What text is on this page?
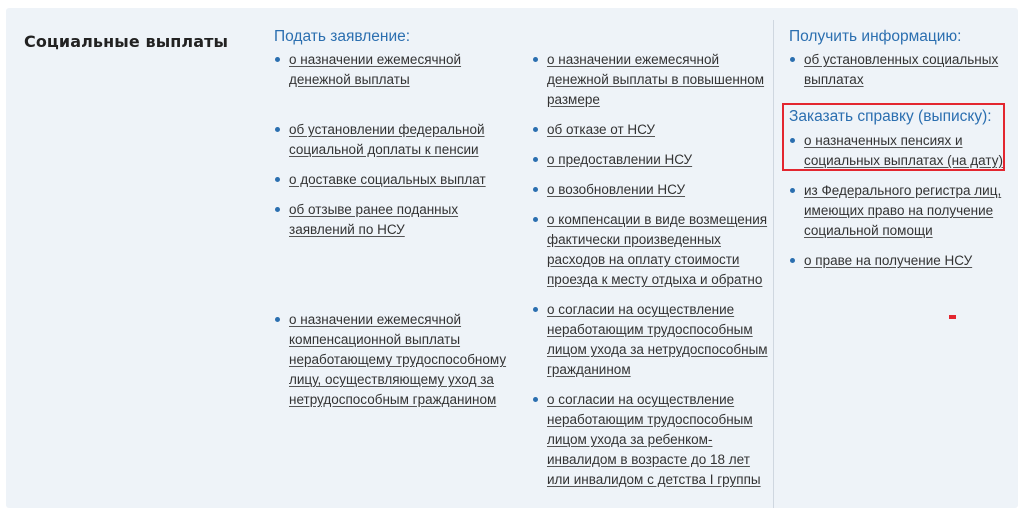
Социальные выплаты	Подать заявление:
о назначении ежемесячной денежной выплаты
об установлении федеральной социальной доплаты к пенсии
о доставке социальных выплат
об отзыве ранее поданных заявлений по НСУ
о назначении ежемесячной компенсационной выплаты неработающему трудоспособному лицу, осуществляющему уход за нетрудоспособным гражданином
о назначении ежемесячной денежной выплаты в повышенном размере
об отказе от НСУ
о предоставлении НСУ
о возобновлении НСУ
о компенсации в виде возмещения фактически произведенных расходов на оплату стоимости проезда к месту отдыха и обратно
о согласии на осуществление неработающим трудоспособным лицом ухода за нетрудоспособным гражданином
о согласии на осуществление неработающим трудоспособным лицом ухода за ребенком-инвалидом в возрасте до 18 лет или инвалидом с детства I группы
Получить информацию:
об установленных социальных выплатах
Заказать справку (выписку):
о назначенных пенсиях и социальных выплатах (на дату)
из Федерального регистра лиц, имеющих право на получение социальной помощи
о праве на получение НСУ
